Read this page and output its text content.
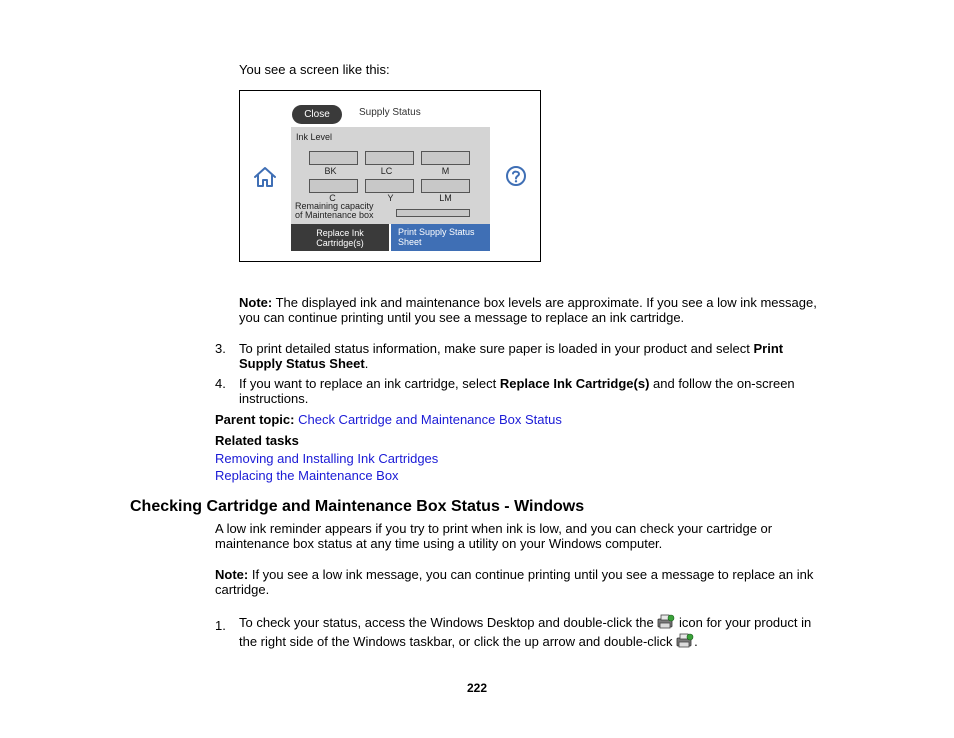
You see a screen like this:
Close	Supply Status
Ink Level
BK	LC	M
C	Y	LM
Remaining capacity
of Maintenance box
Replace Ink
Cartridge(s)
Print Supply Status
Sheet
Note: The displayed ink and maintenance box levels are approximate. If you see a low ink message, you can continue printing until you see a message to replace an ink cartridge.
3.	To print detailed status information, make sure paper is loaded in your product and select Print Supply Status Sheet.
4.	If you want to replace an ink cartridge, select Replace Ink Cartridge(s) and follow the on-screen instructions.
Parent topic: Check Cartridge and Maintenance Box Status
Related tasks
Removing and Installing Ink Cartridges
Replacing the Maintenance Box
Checking Cartridge and Maintenance Box Status - Windows
A low ink reminder appears if you try to print when ink is low, and you can check your cartridge or maintenance box status at any time using a utility on your Windows computer.
Note: If you see a low ink message, you can continue printing until you see a message to replace an ink cartridge.
1.	To check your status, access the Windows Desktop and double-click the  icon for your product in the right side of the Windows taskbar, or click the up arrow and double-click .
222
